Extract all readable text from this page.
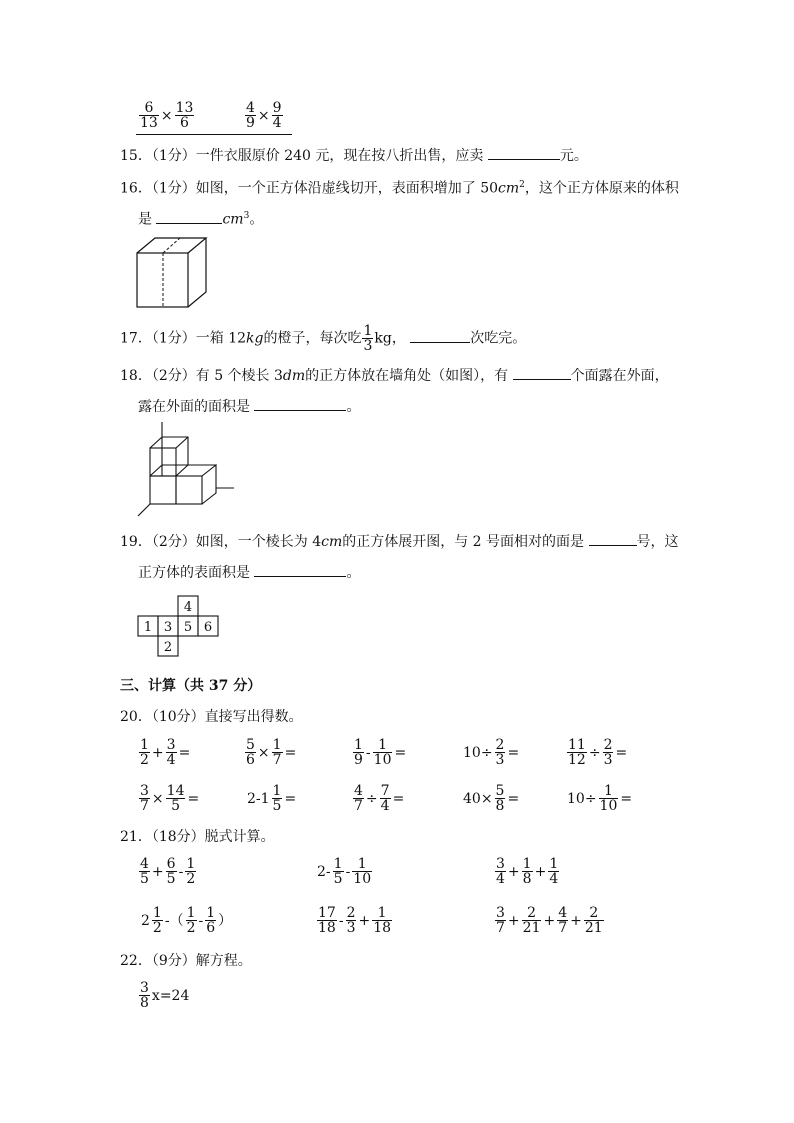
$\frac{6}{13} \times \frac{13}{6}$	$\frac{4}{9} \times \frac{9}{4}$
15．（1分）一件衣服原价 240 元，现在按八折出售，应卖	元。
16．（1分）如图，一个正方体沿虚线切开，表面积增加了 $50cm^2$，这个正方体原来的体积
是	$cm^3$。
17．（1分）一箱 12kg的橙子，每次吃 $\frac{1}{3}$ kg，	次吃完。
18．（2分）有 5 个棱长 3dm的正方体放在墙角处（如图），有	个面露在外面，
露在外面的面积是	。
19．（2分）如图，一个棱长为 4cm的正方体展开图，与 2 号面相对的面是	号，这
正方体的表面积是	。
4
1 3 5 6
2
三、计算（共 37 分）
20．（10分）直接写出得数。
$\frac{1}{2} + \frac{3}{4}$ =	$\frac{5}{6} \times \frac{1}{7}$ =	$\frac{1}{9} - \frac{1}{10}$ =	$10\div \frac{2}{3}$ =	$\frac{11}{12} \div \frac{2}{3}$ =
$\frac{3}{7} \times \frac{14}{5}$ =	$2-1 \frac{1}{5}$ =	$\frac{4}{7} \div \frac{7}{4}$ =	$40\times \frac{5}{8}$ =	$10\div \frac{1}{10}$ =
21．（18分）脱式计算。
$\frac{4}{5} + \frac{6}{5} - \frac{1}{2}$	$2- \frac{1}{5} - \frac{1}{10}$	$\frac{3}{4} + \frac{1}{8} + \frac{1}{4}$
$2 \frac{1}{2}$ -（ $\frac{1}{2} - \frac{1}{6}$ ）	$\frac{17}{18} - \frac{2}{3} + \frac{1}{18}$	$\frac{3}{7} + \frac{2}{21} + \frac{4}{7} + \frac{2}{21}$
22．（9分）解方程。
$\frac{3}{8} x=24$
